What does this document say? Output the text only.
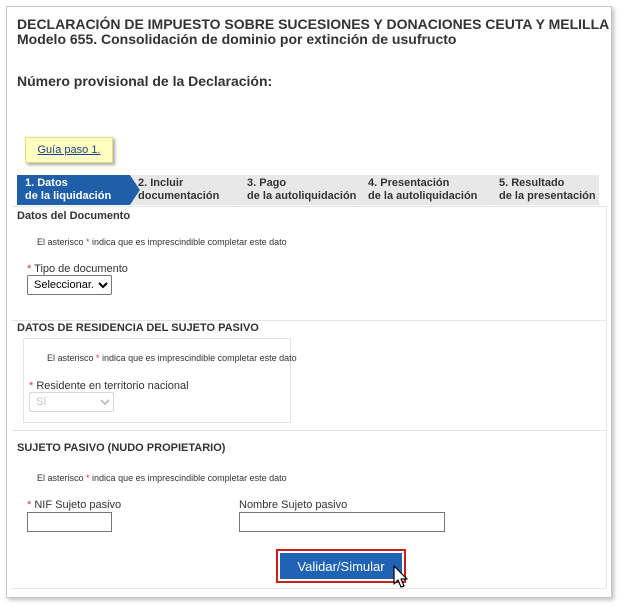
DECLARACIÓN DE IMPUESTO SOBRE SUCESIONES Y DONACIONES CEUTA Y MELILLA
Modelo 655. Consolidación de dominio por extinción de usufructo
Número provisional de la Declaración:
Guía paso 1.
1. Datos
de la liquidación
2. Incluir
documentación
3. Pago
de la autoliquidación
4. Presentación
de la autoliquidación
5. Resultado
de la presentación
Datos del Documento
El asterisco * indica que es imprescindible completar este dato
* Tipo de documento
Seleccionar...
DATOS DE RESIDENCIA DEL SUJETO PASIVO
El asterisco * indica que es imprescindible completar este dato
* Residente en territorio nacional
Sí
SUJETO PASIVO (NUDO PROPIETARIO)
El asterisco * indica que es imprescindible completar este dato
* NIF Sujeto pasivo	Nombre Sujeto pasivo
Validar/Simular
